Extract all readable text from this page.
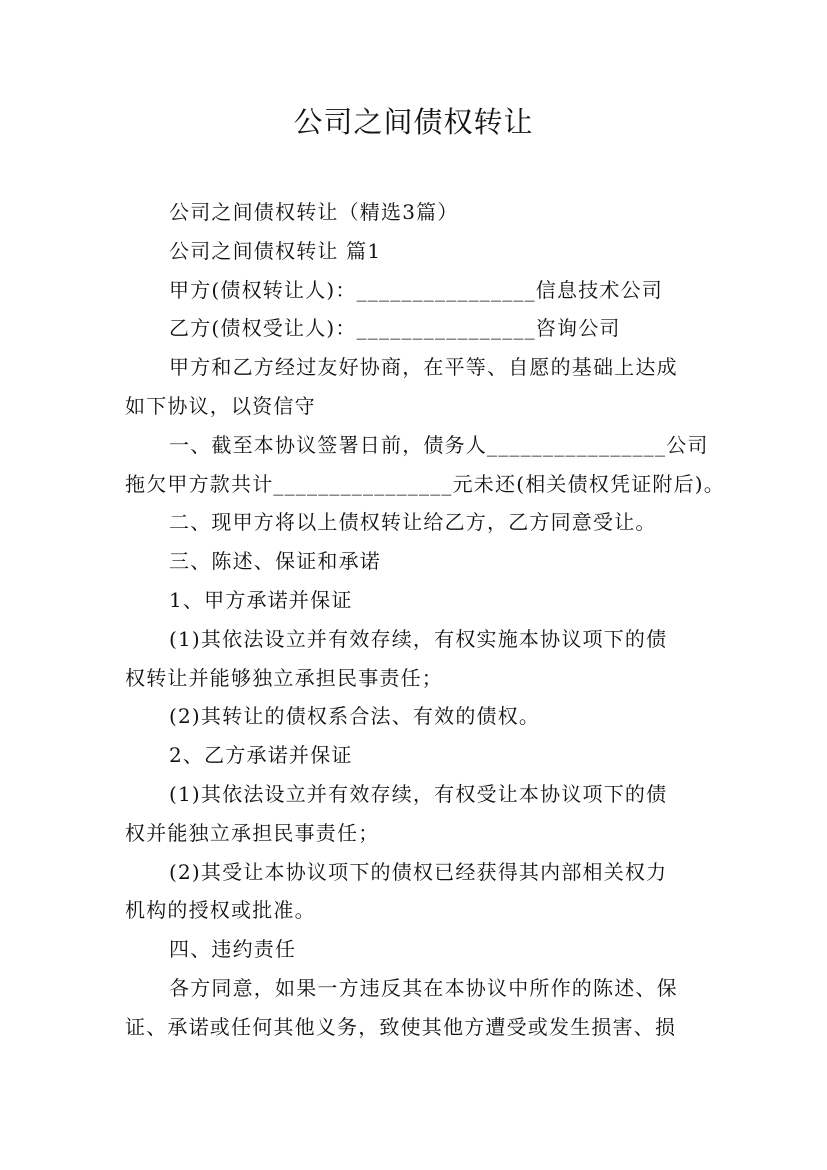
公司之间债权转让
公司之间债权转让（精选3篇）
公司之间债权转让 篇1
甲方(债权转让人)：________________信息技术公司
乙方(债权受让人)：________________咨询公司
甲方和乙方经过友好协商，在平等、自愿的基础上达成
如下协议，以资信守
一、截至本协议签署日前，债务人________________公司
拖欠甲方款共计________________元未还(相关债权凭证附后)。
二、现甲方将以上债权转让给乙方，乙方同意受让。
三、陈述、保证和承诺
1、甲方承诺并保证
(1)其依法设立并有效存续，有权实施本协议项下的债
权转让并能够独立承担民事责任；
(2)其转让的债权系合法、有效的债权。
2、乙方承诺并保证
(1)其依法设立并有效存续，有权受让本协议项下的债
权并能独立承担民事责任；
(2)其受让本协议项下的债权已经获得其内部相关权力
机构的授权或批准。
四、违约责任
各方同意，如果一方违反其在本协议中所作的陈述、保
证、承诺或任何其他义务，致使其他方遭受或发生损害、损
